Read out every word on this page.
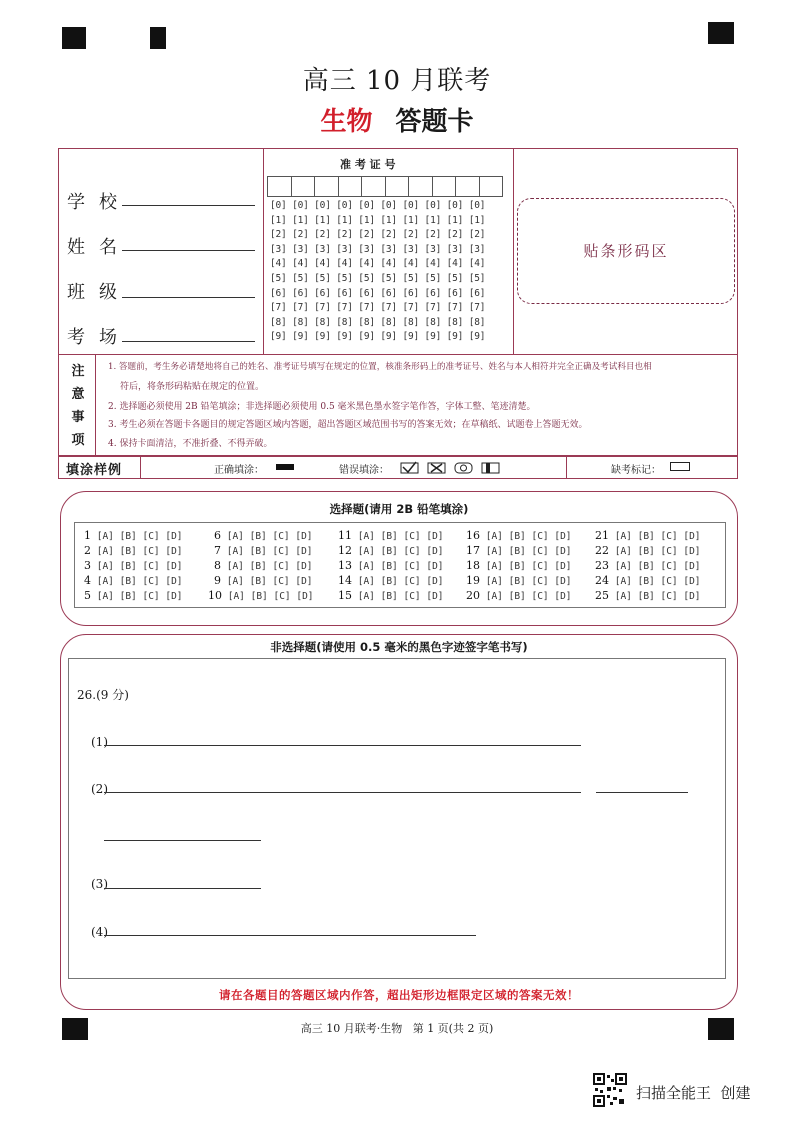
高三 10 月联考
生物 答题卡
学校
姓名
班级
考场
准 考 证 号
[0] [0] [0] [0] [0] [0] [0] [0] [0] [0]
[1] [1] [1] [1] [1] [1] [1] [1] [1] [1]
[2] [2] [2] [2] [2] [2] [2] [2] [2] [2]
[3] [3] [3] [3] [3] [3] [3] [3] [3] [3]
[4] [4] [4] [4] [4] [4] [4] [4] [4] [4]
[5] [5] [5] [5] [5] [5] [5] [5] [5] [5]
[6] [6] [6] [6] [6] [6] [6] [6] [6] [6]
[7] [7] [7] [7] [7] [7] [7] [7] [7] [7]
[8] [8] [8] [8] [8] [8] [8] [8] [8] [8]
[9] [9] [9] [9] [9] [9] [9] [9] [9] [9]
贴条形码区
注
意
事
项
1. 答题前，考生务必请楚地将自己的姓名、准考证号填写在规定的位置，核准条形码上的准考证号、姓名与本人相符并完全正确及考试科目也相
符后，将条形码粘贴在规定的位置。
2. 选择题必须使用 2B 铅笔填涂；非选择题必须使用 0.5 毫米黑色墨水签字笔作答，字体工整、笔迹清楚。
3. 考生必须在答题卡各题目的规定答题区域内答题，超出答题区域范围书写的答案无效；在草稿纸、试题卷上答题无效。
4. 保持卡面清洁，不准折叠、不得弄破。
填涂样例	正确填涂：	错误填涂：	缺考标记：
选择题(请用 2B 铅笔填涂)
1 [A] [B] [C] [D]
2 [A] [B] [C] [D]
3 [A] [B] [C] [D]
4 [A] [B] [C] [D]
5 [A] [B] [C] [D]
6 [A] [B] [C] [D]
7 [A] [B] [C] [D]
8 [A] [B] [C] [D]
9 [A] [B] [C] [D]
10 [A] [B] [C] [D]
11 [A] [B] [C] [D]
12 [A] [B] [C] [D]
13 [A] [B] [C] [D]
14 [A] [B] [C] [D]
15 [A] [B] [C] [D]
16 [A] [B] [C] [D]
17 [A] [B] [C] [D]
18 [A] [B] [C] [D]
19 [A] [B] [C] [D]
20 [A] [B] [C] [D]
21 [A] [B] [C] [D]
22 [A] [B] [C] [D]
23 [A] [B] [C] [D]
24 [A] [B] [C] [D]
25 [A] [B] [C] [D]
非选择题(请使用 0.5 毫米的黑色字迹签字笔书写)
26.(9 分)
(1)
(2)
(3)
(4)
请在各题目的答题区域内作答，超出矩形边框限定区域的答案无效！
高三 10 月联考·生物   第 1 页(共 2 页)
扫描全能王  创建
